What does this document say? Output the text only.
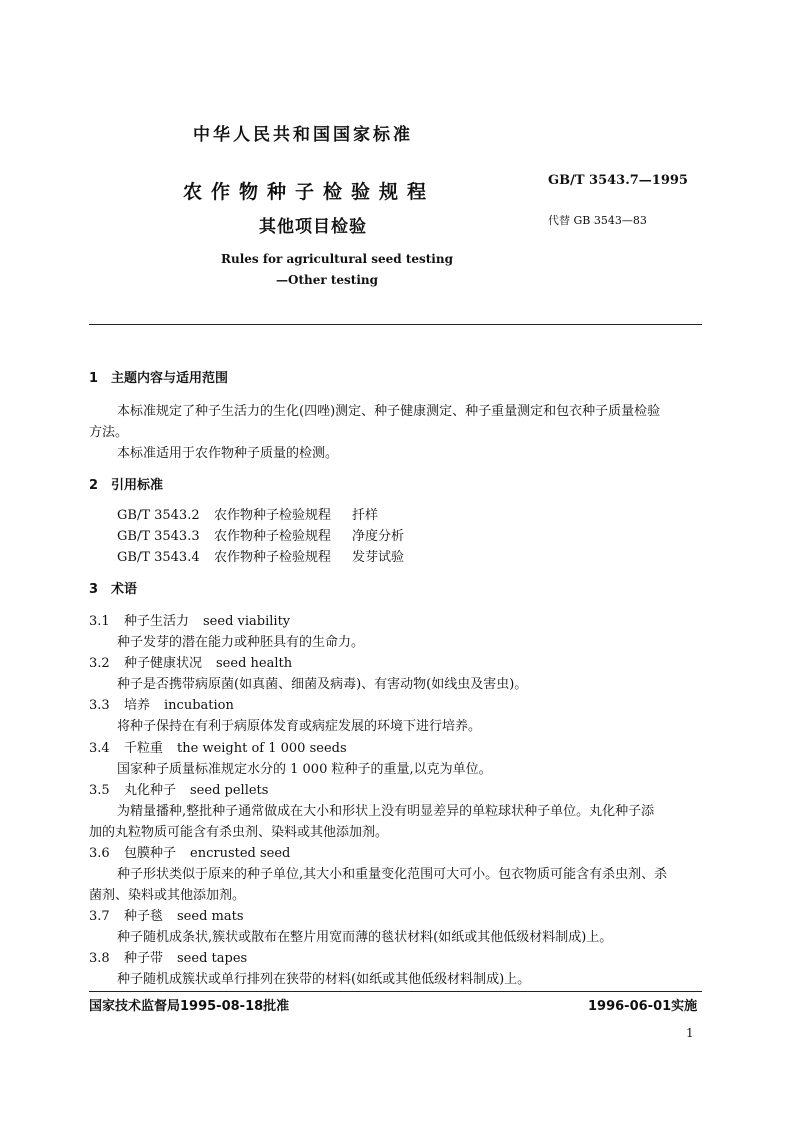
中华人民共和国国家标准
农作物种子检验规程
其他项目检验
Rules for agricultural seed testing
—Other testing
GB/T 3543.7—1995
代替 GB 3543—83
1　主题内容与适用范围
本标准规定了种子生活力的生化(四唑)测定、种子健康测定、种子重量测定和包衣种子质量检验
方法。
本标准适用于农作物种子质量的检测。
2　引用标准
GB/T 3543.2 农作物种子检验规程 扦样
GB/T 3543.3 农作物种子检验规程 净度分析
GB/T 3543.4 农作物种子检验规程 发芽试验
3　术语
3.1 种子生活力 seed viability
种子发芽的潜在能力或种胚具有的生命力。
3.2 种子健康状况 seed health
种子是否携带病原菌(如真菌、细菌及病毒)、有害动物(如线虫及害虫)。
3.3 培养 incubation
将种子保持在有利于病原体发育或病症发展的环境下进行培养。
3.4 千粒重 the weight of 1 000 seeds
国家种子质量标准规定水分的 1 000 粒种子的重量,以克为单位。
3.5 丸化种子 seed pellets
为精量播种,整批种子通常做成在大小和形状上没有明显差异的单粒球状种子单位。丸化种子添
加的丸粒物质可能含有杀虫剂、染料或其他添加剂。
3.6 包膜种子 encrusted seed
种子形状类似于原来的种子单位,其大小和重量变化范围可大可小。包衣物质可能含有杀虫剂、杀
菌剂、染料或其他添加剂。
3.7 种子毯 seed mats
种子随机成条状,簇状或散布在整片用宽而薄的毯状材料(如纸或其他低级材料制成)上。
3.8 种子带 seed tapes
种子随机成簇状或单行排列在狭带的材料(如纸或其他低级材料制成)上。
国家技术监督局1995-08-18批准	1996-06-01实施
1
